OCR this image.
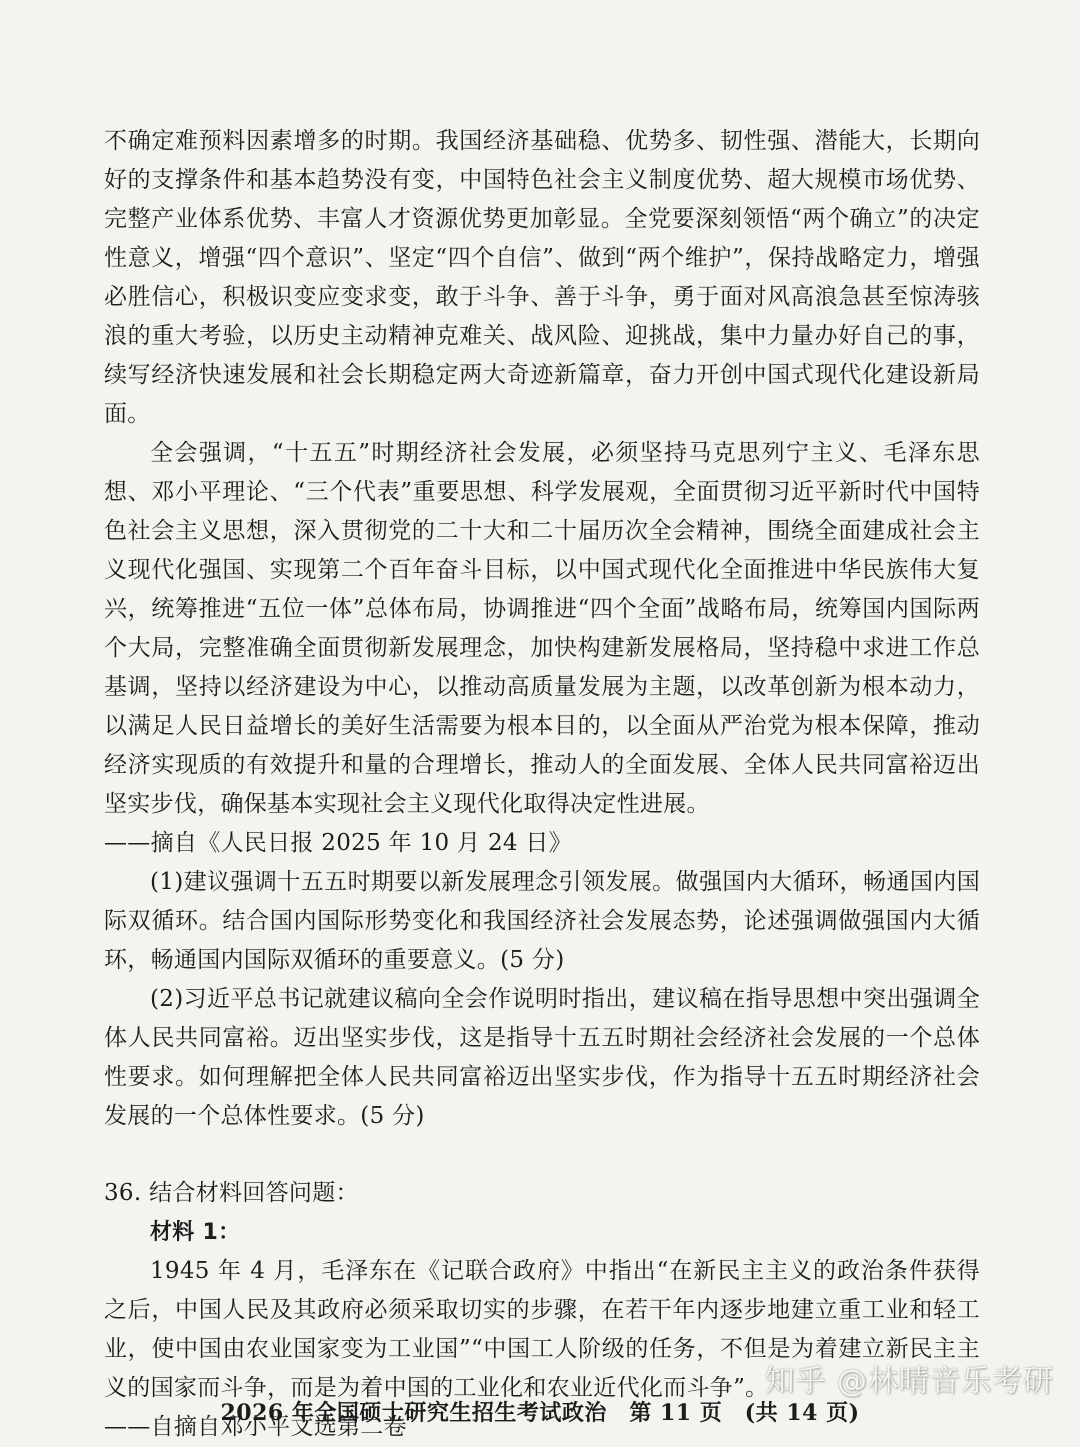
不确定难预料因素增多的时期。我国经济基础稳、优势多、韧性强、潜能大，长期向好的支撑条件和基本趋势没有变，中国特色社会主义制度优势、超大规模市场优势、完整产业体系优势、丰富人才资源优势更加彰显。全党要深刻领悟“两个确立”的决定性意义，增强“四个意识”、坚定“四个自信”、做到“两个维护”，保持战略定力，增强必胜信心，积极识变应变求变，敢于斗争、善于斗争，勇于面对风高浪急甚至惊涛骇浪的重大考验，以历史主动精神克难关、战风险、迎挑战，集中力量办好自己的事，续写经济快速发展和社会长期稳定两大奇迹新篇章，奋力开创中国式现代化建设新局面。

全会强调，“十五五”时期经济社会发展，必须坚持马克思列宁主义、毛泽东思想、邓小平理论、“三个代表”重要思想、科学发展观，全面贯彻习近平新时代中国特色社会主义思想，深入贯彻党的二十大和二十届历次全会精神，围绕全面建成社会主义现代化强国、实现第二个百年奋斗目标，以中国式现代化全面推进中华民族伟大复兴，统筹推进“五位一体”总体布局，协调推进“四个全面”战略布局，统筹国内国际两个大局，完整准确全面贯彻新发展理念，加快构建新发展格局，坚持稳中求进工作总基调，坚持以经济建设为中心，以推动高质量发展为主题，以改革创新为根本动力，以满足人民日益增长的美好生活需要为根本目的，以全面从严治党为根本保障，推动经济实现质的有效提升和量的合理增长，推动人的全面发展、全体人民共同富裕迈出坚实步伐，确保基本实现社会主义现代化取得决定性进展。

——摘自《人民日报 2025 年 10 月 24 日》

(1)建议强调十五五时期要以新发展理念引领发展。做强国内大循环，畅通国内国际双循环。结合国内国际形势变化和我国经济社会发展态势，论述强调做强国内大循环，畅通国内国际双循环的重要意义。(5 分)

(2)习近平总书记就建议稿向全会作说明时指出，建议稿在指导思想中突出强调全体人民共同富裕。迈出坚实步伐，这是指导十五五时期社会经济社会发展的一个总体性要求。如何理解把全体人民共同富裕迈出坚实步伐，作为指导十五五时期经济社会发展的一个总体性要求。(5 分)

36. 结合材料回答问题：

材料 1：

1945 年 4 月，毛泽东在《记联合政府》中指出“在新民主主义的政治条件获得之后，中国人民及其政府必须采取切实的步骤，在若干年内逐步地建立重工业和轻工业，使中国由农业国家变为工业国”“中国工人阶级的任务，不但是为着建立新民主主义的国家而斗争，而是为着中国的工业化和农业近代化而斗争”。

——自摘自邓小平文选第二卷

知乎 @林晴音乐考研
2026 年全国硕士研究生招生考试政治　第 11 页　(共 14 页)
